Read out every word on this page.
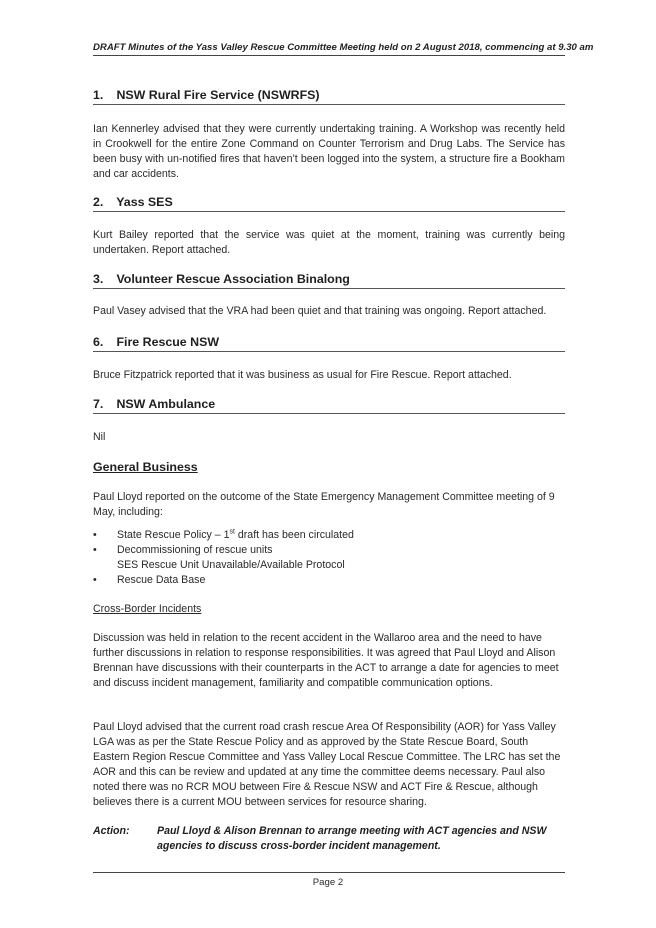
DRAFT Minutes of the Yass Valley Rescue Committee Meeting held on 2 August 2018, commencing at 9.30 am
1. NSW Rural Fire Service (NSWRFS)
Ian Kennerley advised that they were currently undertaking training. A Workshop was recently held in Crookwell for the entire Zone Command on Counter Terrorism and Drug Labs. The Service has been busy with un-notified fires that haven’t been logged into the system, a structure fire a Bookham and car accidents.
2. Yass SES
Kurt Bailey reported that the service was quiet at the moment, training was currently being undertaken. Report attached.
3. Volunteer Rescue Association Binalong
Paul Vasey advised that the VRA had been quiet and that training was ongoing. Report attached.
6. Fire Rescue NSW
Bruce Fitzpatrick reported that it was business as usual for Fire Rescue. Report attached.
7. NSW Ambulance
Nil
General Business
Paul Lloyd reported on the outcome of the State Emergency Management Committee meeting of 9 May, including:
• State Rescue Policy – 1st draft has been circulated
• Decommissioning of rescue units
SES Rescue Unit Unavailable/Available Protocol
• Rescue Data Base
Cross-Border Incidents
Discussion was held in relation to the recent accident in the Wallaroo area and the need to have further discussions in relation to response responsibilities. It was agreed that Paul Lloyd and Alison Brennan have discussions with their counterparts in the ACT to arrange a date for agencies to meet and discuss incident management, familiarity and compatible communication options.
Paul Lloyd advised that the current road crash rescue Area Of Responsibility (AOR) for Yass Valley LGA was as per the State Rescue Policy and as approved by the State Rescue Board, South Eastern Region Rescue Committee and Yass Valley Local Rescue Committee. The LRC has set the AOR and this can be review and updated at any time the committee deems necessary. Paul also noted there was no RCR MOU between Fire & Rescue NSW and ACT Fire & Rescue, although believes there is a current MOU between services for resource sharing.
Action:	Paul Lloyd & Alison Brennan to arrange meeting with ACT agencies and NSW agencies to discuss cross-border incident management.
Page 2
